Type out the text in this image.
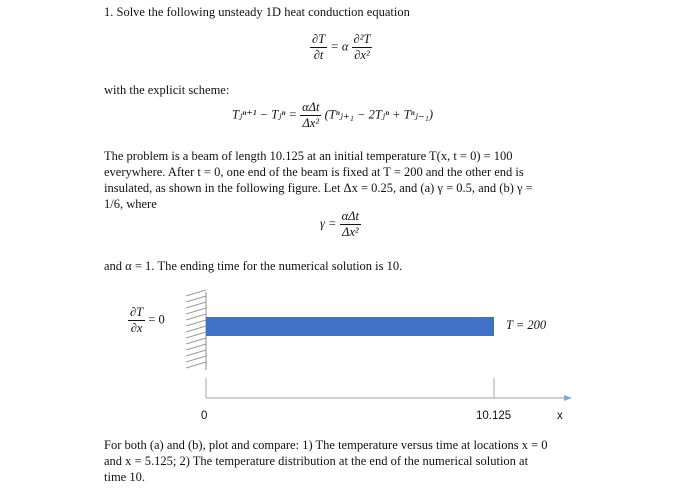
1. Solve the following unsteady 1D heat conduction equation
$\frac{\partial T}{\partial t} = \alpha \frac{\text{∂²T}}{\text{∂x²}}$
with the explicit scheme:
Tⱼⁿ⁺¹ − Tⱼⁿ = $\frac{\text{αΔt}}{\text{Δx²}}$ (Tⁿⱼ₊₁ − 2Tⱼⁿ + Tⁿⱼ₋₁)
The problem is a beam of length 10.125 at an initial temperature T(x, t = 0) = 100
everywhere. After t = 0, one end of the beam is fixed at T = 200 and the other end is
insulated, as shown in the following figure. Let Δx = 0.25, and (a) γ = 0.5, and (b) γ =
1/6, where
$\gamma = \frac{\text{αΔt}}{\text{Δx²}}$
and α = 1. The ending time for the numerical solution is 10.
$\frac{\partial T}{\partial x} = 0$	T = 200
0	10.125	x
For both (a) and (b), plot and compare: 1) The temperature versus time at locations x = 0
and x = 5.125; 2) The temperature distribution at the end of the numerical solution at
time 10.
